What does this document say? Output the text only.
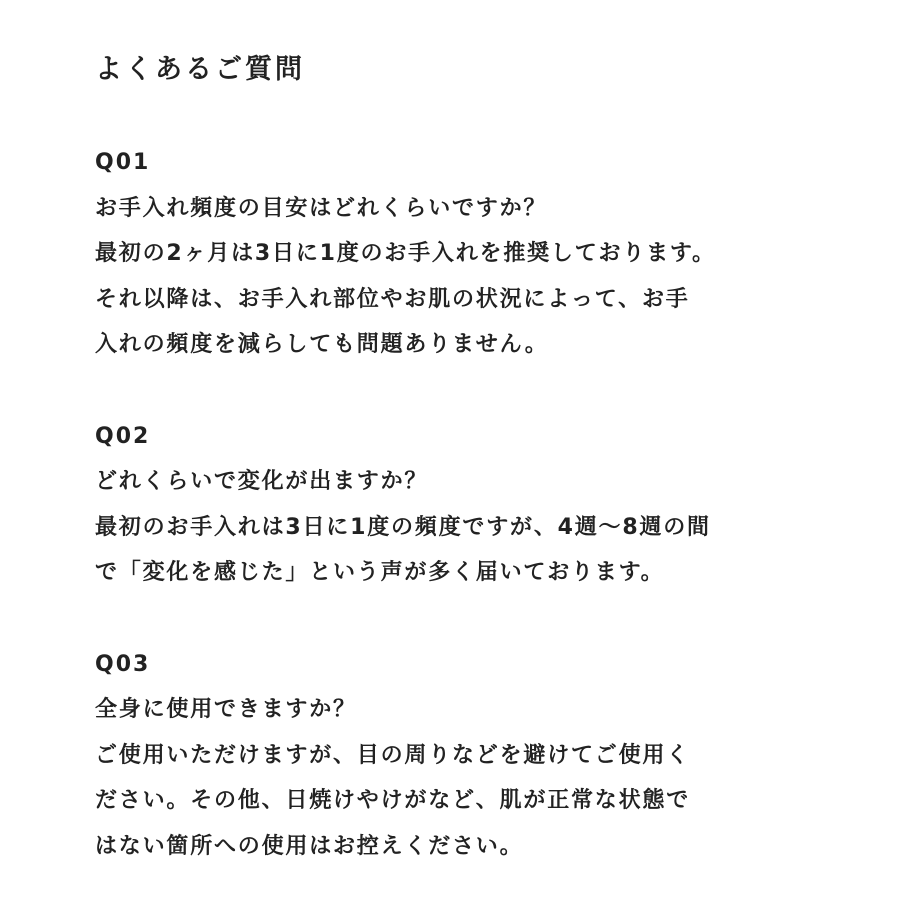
よくあるご質問
Q01
お手入れ頻度の目安はどれくらいですか？
最初の2ヶ月は3日に1度のお手入れを推奨しております。
それ以降は、お手入れ部位やお肌の状況によって、お手
入れの頻度を減らしても問題ありません。
Q02
どれくらいで変化が出ますか？
最初のお手入れは3日に1度の頻度ですが、4週〜8週の間
で「変化を感じた」という声が多く届いております。
Q03
全身に使用できますか？
ご使用いただけますが、目の周りなどを避けてご使用く
ださい。その他、日焼けやけがなど、肌が正常な状態で
はない箇所への使用はお控えください。
